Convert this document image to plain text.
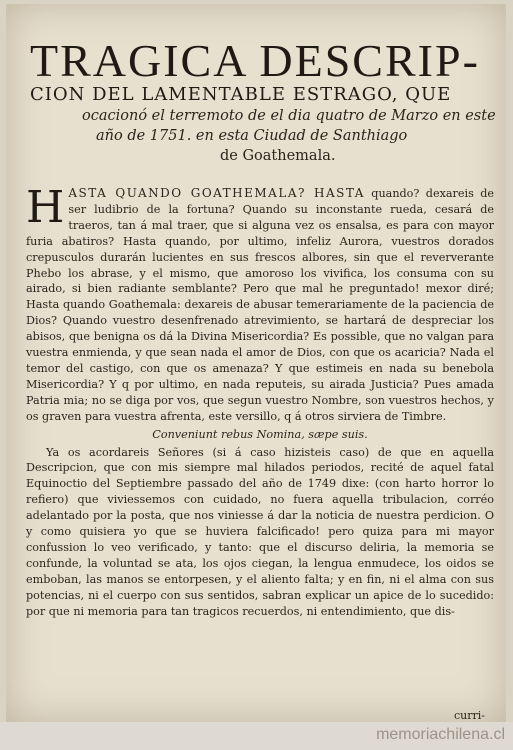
TRAGICA DESCRIP-
CION DEL LAMENTABLE ESTRAGO, QUE
ocacionó el terremoto de el dia quatro de Marzo en este
año de 1751. en esta Ciudad de Santhiago
de Goathemala.

H ASTA QUANDO GOATHEMALA? HASTA quando? dexareis de ser ludibrio de la fortuna? Quando su inconstante rueda, cesará de traeros, tan á mal traer, que si alguna vez os ensalsa, es para con mayor furia abatiros? Hasta quando, por ultimo, infeliz Aurora, vuestros dorados crepusculos durarán lucientes en sus frescos albores, sin que el reververante Phebo los abrase, y el mismo, que amoroso los vivifica, los consuma con su airado, si bien radiante semblante? Pero que mal he preguntado! mexor diré; Hasta quando Goathemala: dexareis de abusar temerariamente de la paciencia de Dios? Quando vuestro desenfrenado atrevimiento, se hartará de despreciar los abisos, que benigna os dá la Divina Misericordia? Es possible, que no valgan para vuestra enmienda, y que sean nada el amor de Dios, con que os acaricia? Nada el temor del castigo, con que os amenaza? Y que estimeis en nada su benebola Misericordia? Y q por ultimo, en nada reputeis, su airada Justicia? Pues amada Patria mia; no se diga por vos, que segun vuestro Nombre, son vuestros hechos, y os graven para vuestra afrenta, este versillo, q á otros sirviera de Timbre.

Conveniunt rebus Nomina, sæpe suis.

Ya os acordareis Señores (si á caso hizisteis caso) de que en aquella Descripcion, que con mis siempre mal hilados periodos, recité de aquel fatal Equinoctio del Septiembre passado del año de 1749 dixe: (con harto horror lo refiero) que viviessemos con cuidado, no fuera aquella tribulacion, corréo adelantado por la posta, que nos viniesse á dar la noticia de nuestra perdicion. O y como quisiera yo que se huviera falcificado! pero quiza para mi mayor confussion lo veo verificado, y tanto: que el discurso deliria, la memoria se confunde, la voluntad se ata, los ojos ciegan, la lengua enmudece, los oidos se emboban, las manos se entorpesen, y el aliento falta; y en fin, ni el alma con sus potencias, ni el cuerpo con sus sentidos, sabran explicar un apice de lo sucedido: por que ni memoria para tan tragicos recuerdos, ni entendimiento, que dis-

curri-
memoriachilena.cl
